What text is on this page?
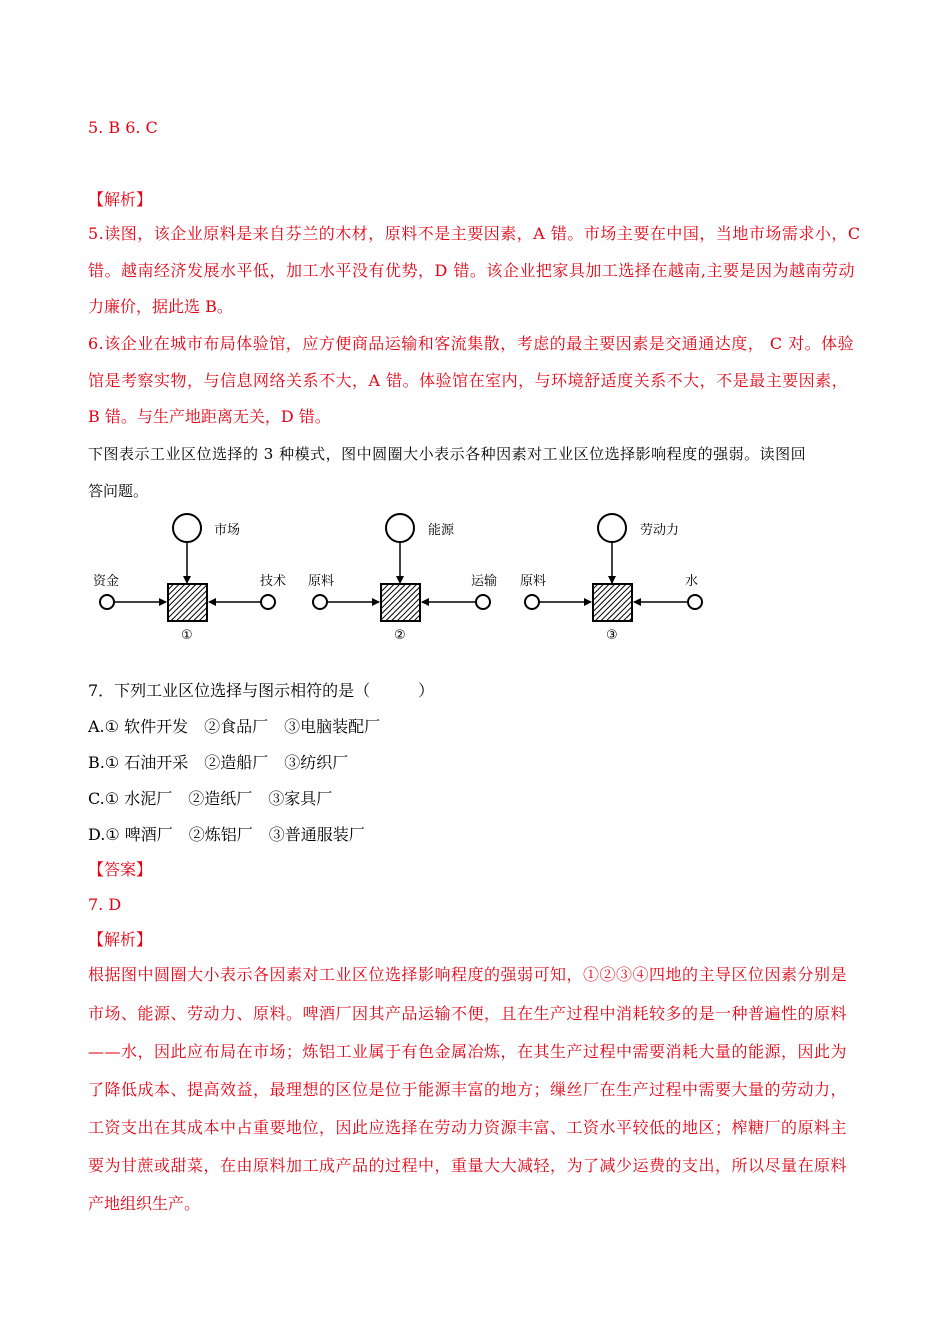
5. B 6. C
【解析】
5.读图，该企业原料是来自芬兰的木材，原料不是主要因素，A 错。市场主要在中国，当地市场需求小，C
错。越南经济发展水平低，加工水平没有优势，D 错。该企业把家具加工选择在越南,主要是因为越南劳动
力廉价，据此选 B。
6.该企业在城市布局体验馆，应方便商品运输和客流集散，考虑的最主要因素是交通通达度， C 对。体验
馆是考察实物，与信息网络关系不大，A 错。体验馆在室内，与环境舒适度关系不大，不是最主要因素，
B 错。与生产地距离无关，D 错。
下图表示工业区位选择的 3 种模式，图中圆圈大小表示各种因素对工业区位选择影响程度的强弱。读图回
答问题。
市场
资金	技术
①
能源
原料	运输
②
劳动力
原料	水
③
7．下列工业区位选择与图示相符的是（　　　）
A.① 软件开发　②食品厂　③电脑装配厂
B.① 石油开采　②造船厂　③纺织厂
C.① 水泥厂　②造纸厂　③家具厂
D.① 啤酒厂　②炼铝厂　③普通服装厂
【答案】
7. D
【解析】
根据图中圆圈大小表示各因素对工业区位选择影响程度的强弱可知，①②③④四地的主导区位因素分别是
市场、能源、劳动力、原料。啤酒厂因其产品运输不便，且在生产过程中消耗较多的是一种普遍性的原料
——水，因此应布局在市场；炼铝工业属于有色金属冶炼，在其生产过程中需要消耗大量的能源，因此为
了降低成本、提高效益，最理想的区位是位于能源丰富的地方；缫丝厂在生产过程中需要大量的劳动力，
工资支出在其成本中占重要地位，因此应选择在劳动力资源丰富、工资水平较低的地区；榨糖厂的原料主
要为甘蔗或甜菜，在由原料加工成产品的过程中，重量大大减轻，为了减少运费的支出，所以尽量在原料
产地组织生产。
